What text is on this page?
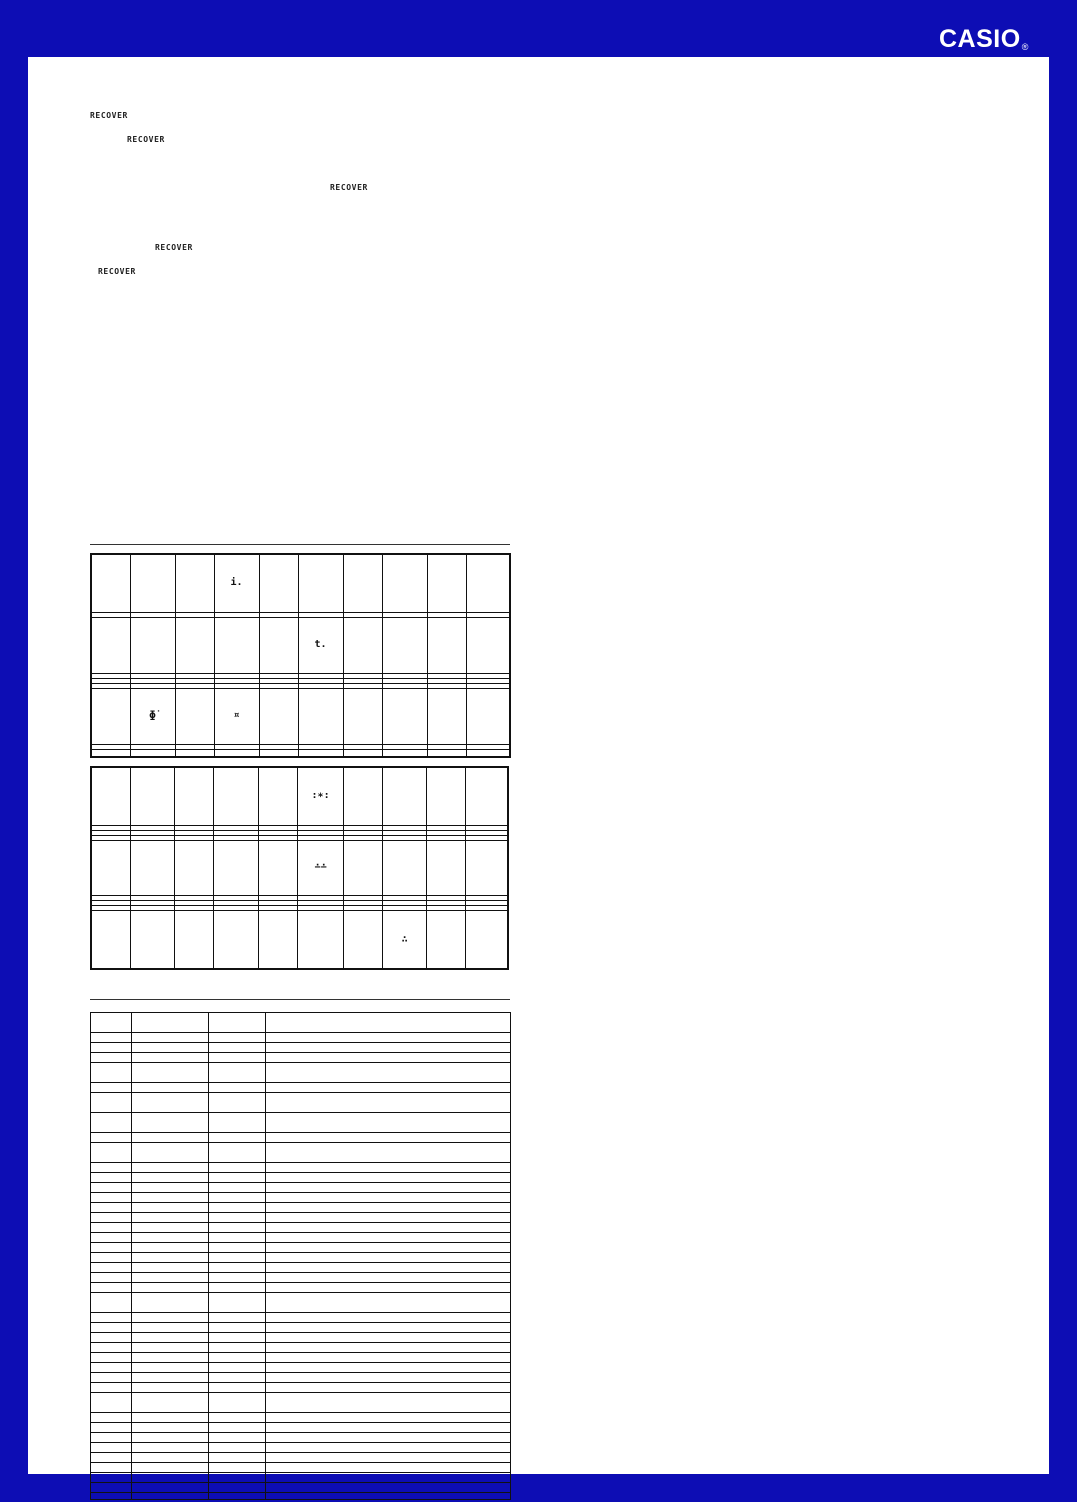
CASIO®
RECOVER
RECOVER
RECOVER
RECOVER
RECOVER
			i.						

					t.				

	ɸ̇		¤						

					:∗:				

					∸∸				

							∴		
